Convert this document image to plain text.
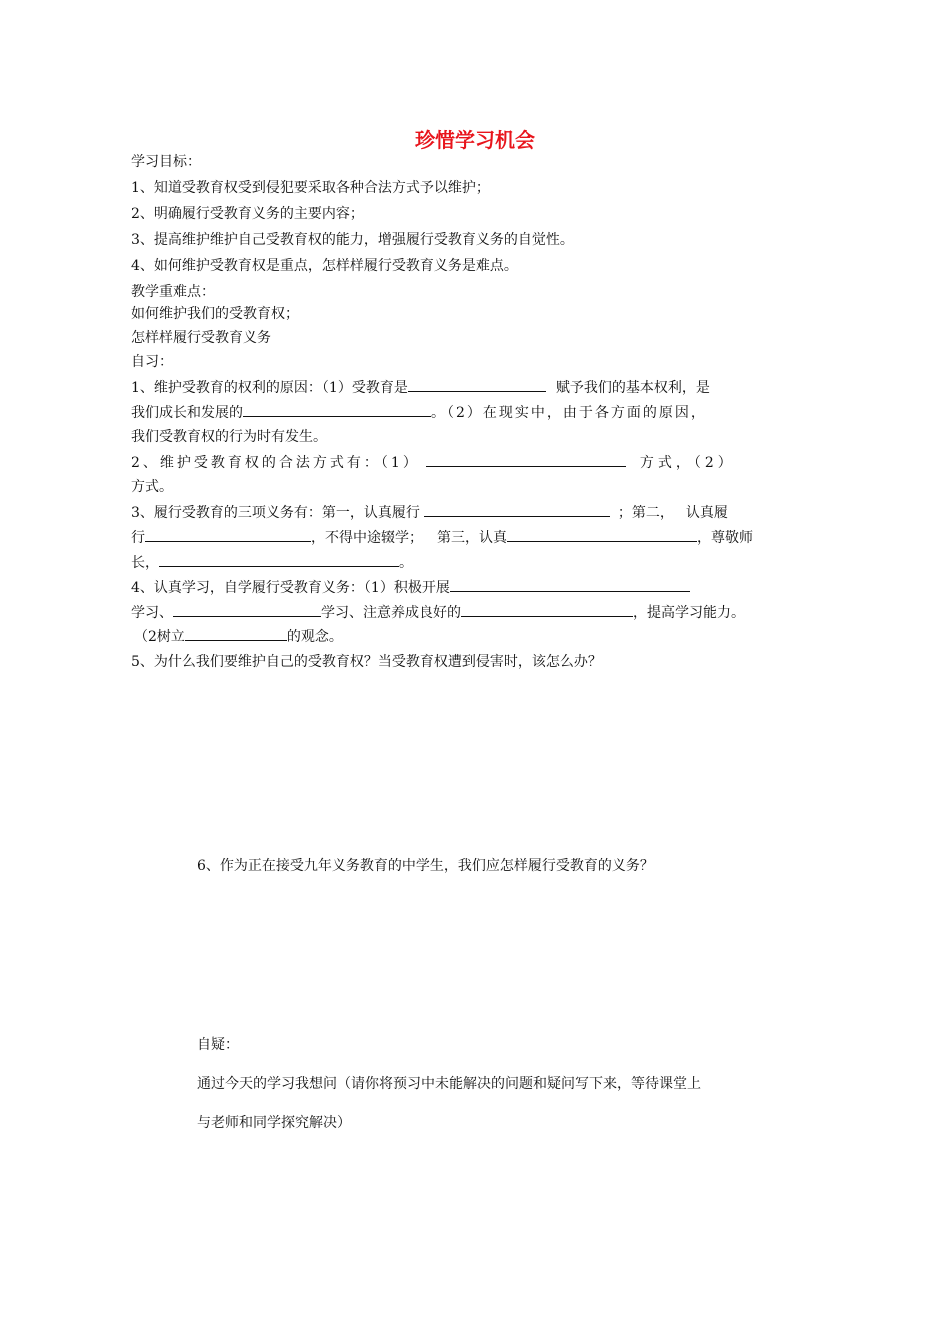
珍惜学习机会
学习目标：
1、知道受教育权受到侵犯要采取各种合法方式予以维护；
2、明确履行受教育义务的主要内容；
3、提高维护维护自己受教育权的能力，增强履行受教育义务的自觉性。
4、如何维护受教育权是重点，怎样样履行受教育义务是难点。
教学重难点：
如何维护我们的受教育权；
怎样样履行受教育义务
自习：
1、维护受教育的权利的原因：（1）受教育是	赋予我们的基本权利，是
我们成长和发展的	。（2）在现实中，由于各方面的原因，
我们受教育权的行为时有发生。
2、维护受教育权的合法方式有：（1）	方式，（2）
方式。
3、履行受教育的三项义务有：第一，认真履行	；第二， 认真履
行	，不得中途辍学； 第三，认真	，尊敬师
长，	。
4、认真学习，自学履行受教育义务：（1）积极开展
学习、	学习、注意养成良好的	，提高学习能力。
（2树立	的观念。
5、为什么我们要维护自己的受教育权？当受教育权遭到侵害时，该怎么办？
6、作为正在接受九年义务教育的中学生，我们应怎样履行受教育的义务？
自疑：
通过今天的学习我想问（请你将预习中未能解决的问题和疑问写下来，等待课堂上
与老师和同学探究解决）
